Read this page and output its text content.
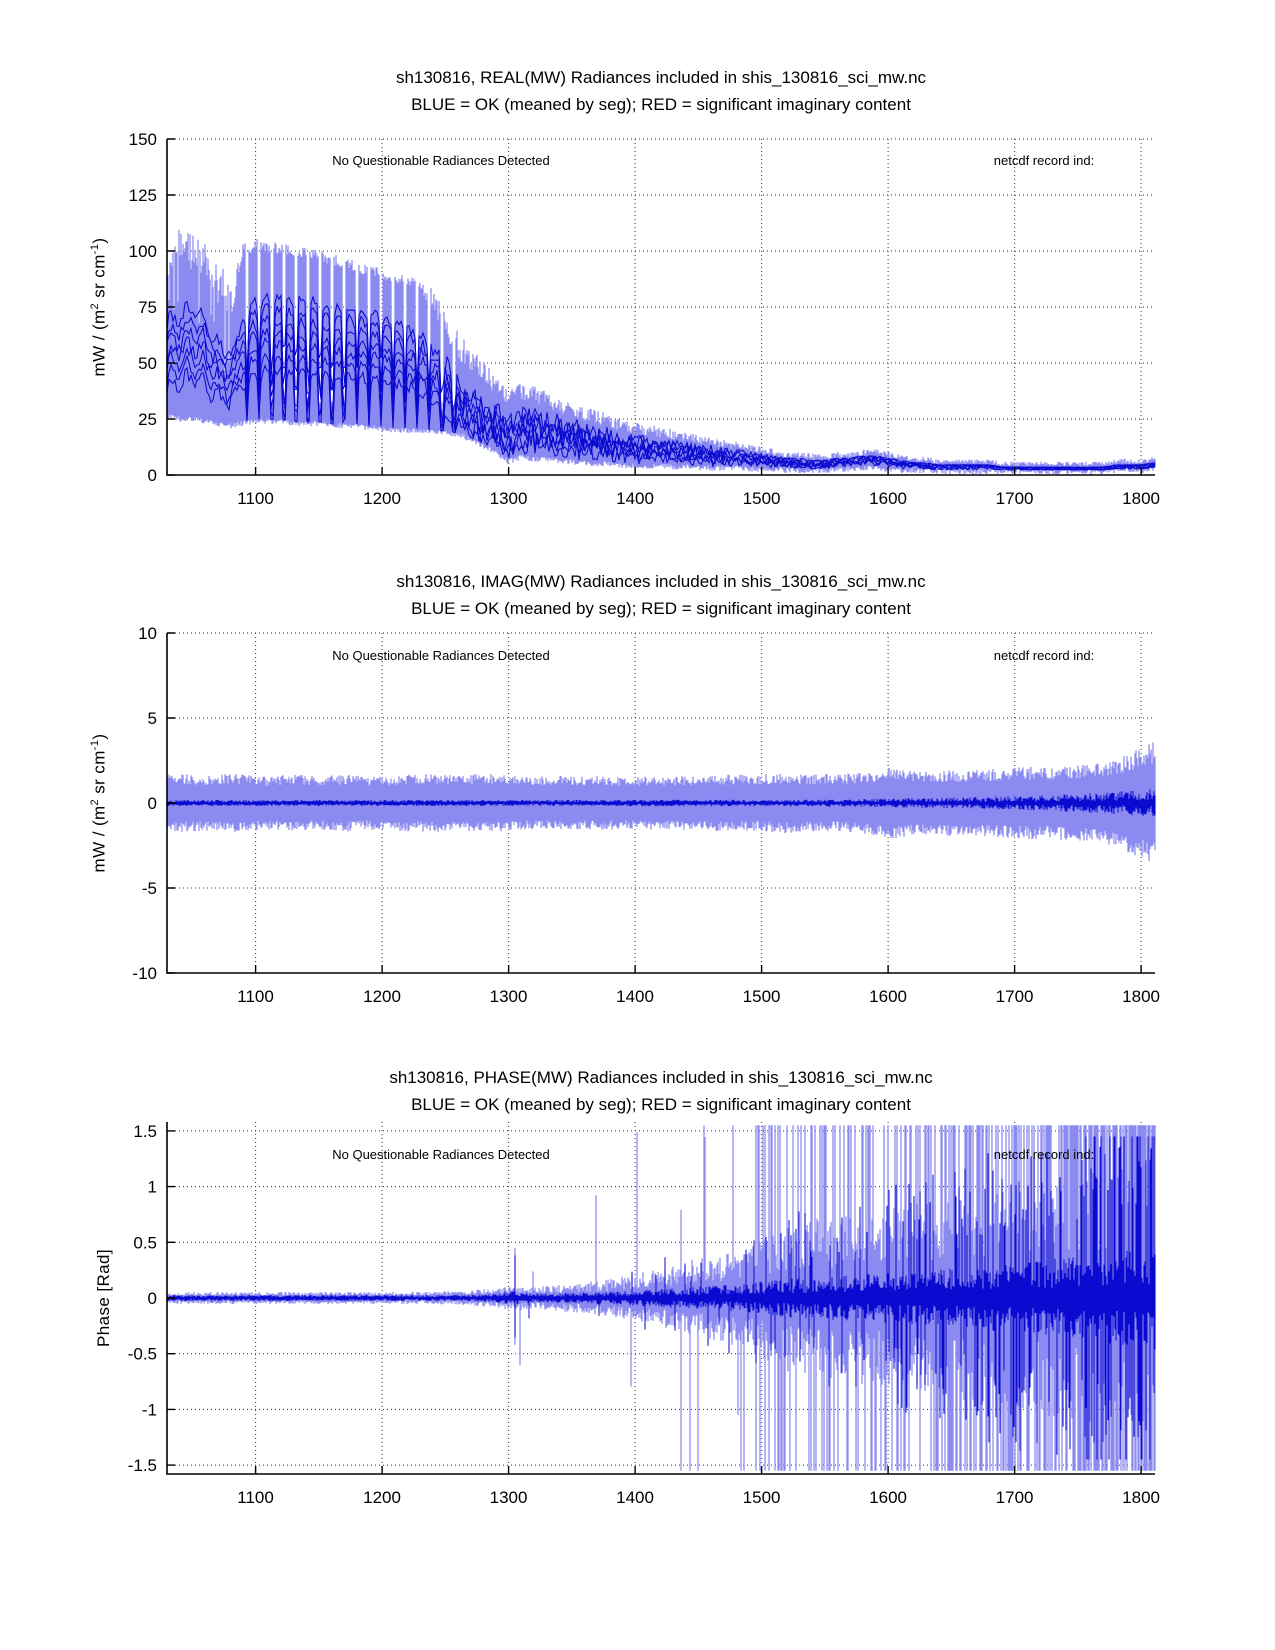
0
25
50
75
100
125
150
1100	1200	1300	1400	1500	1600	1700	1800
-10
-5
0
5
10
1100	1200	1300	1400	1500	1600	1700	1800
-1.5
-1
-0.5
0
0.5
1
1.5
1100	1200	1300	1400	1500	1600	1700	1800
sh130816, REAL(MW) Radiances included in shis_130816_sci_mw.nc
BLUE = OK (meaned by seg); RED = significant imaginary content
No Questionable Radiances Detected	netcdf record ind:
mW / ($m^2$ sr $cm^{-1}$)
sh130816, IMAG(MW) Radiances included in shis_130816_sci_mw.nc
BLUE = OK (meaned by seg); RED = significant imaginary content
No Questionable Radiances Detected	netcdf record ind:
mW / ($m^2$ sr $cm^{-1}$)
sh130816, PHASE(MW) Radiances included in shis_130816_sci_mw.nc
BLUE = OK (meaned by seg); RED = significant imaginary content
No Questionable Radiances Detected	netcdf record ind:
Phase [Rad]
